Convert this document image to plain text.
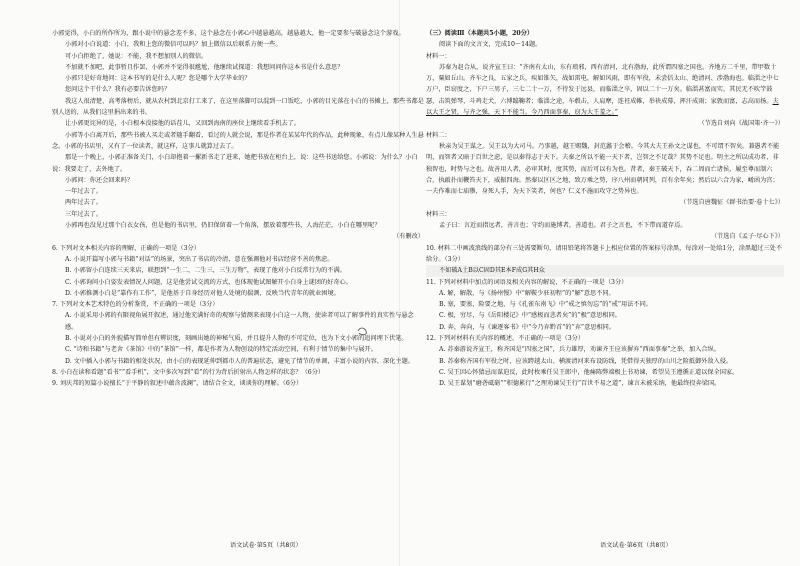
小郭觉得，小白的所作所为，跟小说中的悬念差不多，这个悬念在小郭心中越悬越高，越悬越大，他一定要参与破悬念这个游戏。

小郭对小白说道：小白，我和上您的微信可以吗？加上微信以后联系方便一些。

可小白拒绝了，她说：不能，我不想加别人的微信。

不加就不加吧，此事暂且作罢，小郭并不觉得很尴尬，他继续试探道：我想问问你这本书是什么意思？

小郭只是好奇地问：这本书写的是什么人呢？您是哪个大学毕业的？

您问这个干什么？我有必要告诉您吗？

我这人很清楚，高考落榜后，就从农村到北京打工来了，在这里落脚可以混到一口饭吃，小郭的目光落在小白的书摊上，那些书都是别人送的，从我们这里捐出来的书。

让小郭更诧异的是，小白根本没接他的话茬儿，又回到海南的座位上继续看手机去了。

小郭等小白离开后，那些书被人买走或者随手翻看，看过的人就会说，那是作者在某某年代的作品，此种现象，有点儿像某种人生悬念。小郭的书店里，又有了一位读者，就这样，这事儿就算过去了。

那是一个晚上，小郭正准备关门，小白却抱着一摞新书走了进来，她把书放在柜台上，说：这些书送给您。小郭说：为什么？小白说：我要走了，去外地了。

小郭问：你还会回来吗？

一年过去了。

两年过去了。

三年过去了。

小郭再也没见过那个白衣女孩，但是他的书店里，仍旧保留着一个角落，摆放着那些书，人海茫茫，小白在哪里呢？

（有删改）

6. 下列对文本相关内容的理解，正确的一项是（3分）

A. 小说开篇写小郭与书籍“对话”的场景，突出了书店的冷清，意在强调他对书店经营不善的焦虑。

B. 小郭留小白连续三天来店，联想到“一生二，二生三，三生万物”，表现了他对小白反常行为的不满。

C. 小郭询问小白姿发表情况人问题，这是他尝试交流的方式，也体现他试图解开小白身上谜团的好奇心。

D. 小郭推测小白是“靠作有工作”，是他基于自身经历对他人处境的揣测，反映当代青年的就业困境。

7. 下列对文本艺术特色的分析鉴赏，不正确的一项是（3分）

A. 小说采用小郭的有限视角展开叙述，通过他充满好奇的观察与猜测来表现小白这一人物，使读者可以了解事件的真实性与悬念感。

B. 小说对小白的外貌描写简单但有辨识度，刻画出她的神秘气质，并且提升人物的不可定位，也为下文小郭的追问埋下伏笔。

C. “诗和书籍”与老舍《茶馆》中的“茶馆”一样，都是作者为人物创设的特定活动空间，有利于情节的集中与展开。

D. 文中插入小郭与书籍的相处状况，由小白的表现延伸到都市人的普遍状态，避免了情节的单调，丰富小说的内容，深化主题。

8. 小白在读和看题“看书”“看手机”，文中多次写到“看”的行为背后折射出人物怎样的状态？（6分）

9. 刘庆邦的短篇小说擅长“于平静的叙述中蕴含波澜”，请结合全文，谈谈你的理解。（6分）

（三）阅读Ⅲ（本题共5小题，20分）

阅读下面的文言文，完成10～14题。

材料一：

苏秦为赵合从，说齐宣王曰：“齐南有太山，东有琅邪，西有清河，北有渤海，此所谓四塞之国也。齐地方二千里，带甲数十万，粟如丘山。齐车之良，五家之兵，疾如锥矢，战如雷电，解如风雨，即有军役，未尝倍太山、绝清河、涉渤海也。临淄之中七万户，臣窃度之，下户三男子，三七二十一万，不待发于远县，而临淄之卒，固以二十一万矣。临淄甚富而实，其民无不吹竽鼓瑟，击筑弹琴，斗鸡走犬，六博蹹鞠者；临淄之途，车毂击，人肩摩，连衽成帷，举袂成幕，挥汗成雨；家敦而富，志高而扬。夫以大王之贤，与齐之强，天下不能当。今乃西面事秦，窃为大王羞之。”

（节选自刘向《战国策·齐一》）

材料二：

秋亲为吴王谋之。吴王以为大司马。乃事越，越王赐魏，封范蠡于会稽。今其大夫王孙文之谋也，不可谓不智矣。兼愚者不能明，而智者又暗于百世之虑，是以秦得志于天下。夫秦之所以不能一天下者，岂智之不足哉？其势不足也。明主之所以成功者，非独智也，时势与之也。故善用人者，必审其时，度其势，而后可以有为也。昔者，秦王破天下，吞二周而亡诸侯，履至尊而制六合，执敲扑而鞭笞天下，威振四海。然秦以区区之地，致万乘之势，序八州而朝同列，百有余年矣；然后以六合为家，崤函为宫；一夫作难而七庙隳，身死人手，为天下笑者，何也？仁义不施而攻守之势异也。

（节选自唐魏征《群书治要·卷十七》）

材料三：

孟子曰：言近而指远者，善言也；守约而施博者，善道也。君子之言也，不下带而道存焉。

（节选自《孟子·尽心下》）

10. 材料二中画波浪线的部分有三处需要断句，请用铅笔将答题卡上相应位置的答案标号涂黑，每涂对一处给1分，涂黑超过三处不给分。（3分）

不如破A土B以C固D其E本F成G其H众

11. 下列对材料中加点的词语及相关内容的解说，不正确的一项是（3分）

A. 解，解散，与《扬州慢》中“解鞍少驻初程”的“解”意思不同。

B. 塞，要塞，险要之地，与《孔雀东南飞》中“戒之慎勿忘”的“戒”用法不同。

C. 极，穷尽，与《岳阳楼记》中“感极而悲者矣”的“极”意思相同。

D. 奔，奔向，与《谏逐客书》中“今乃弃黔首”的“弃”意思相同。

12. 下列对材料有关内容的概述，不正确的一项是（3分）

A. 苏秦游说齐宣王，称齐国是“四塞之国”，兵力雄厚，劝谏齐王应该摒弃“西面事秦”之举，加入合纵。

B. 苏秦称齐国有军役之时，应该跨越太山、横渡清河来布设防线，凭借得天独厚的山川之险抵御外敌入侵。

C. 吴王因心怀猜忌而谋迫反，此时枚乘任吴王郎中，他痛陈弊端极上书劝谏，希望吴王遵循正道以保全国家。

D. 吴王谋划“磨砻砥砺”“积德累行”之理劝谏吴王行“百世不易之道”，谏言未被采纳，他最终投奔梁国。

语文试卷·第5页（共8页）	语文试卷·第6页（共8页）
